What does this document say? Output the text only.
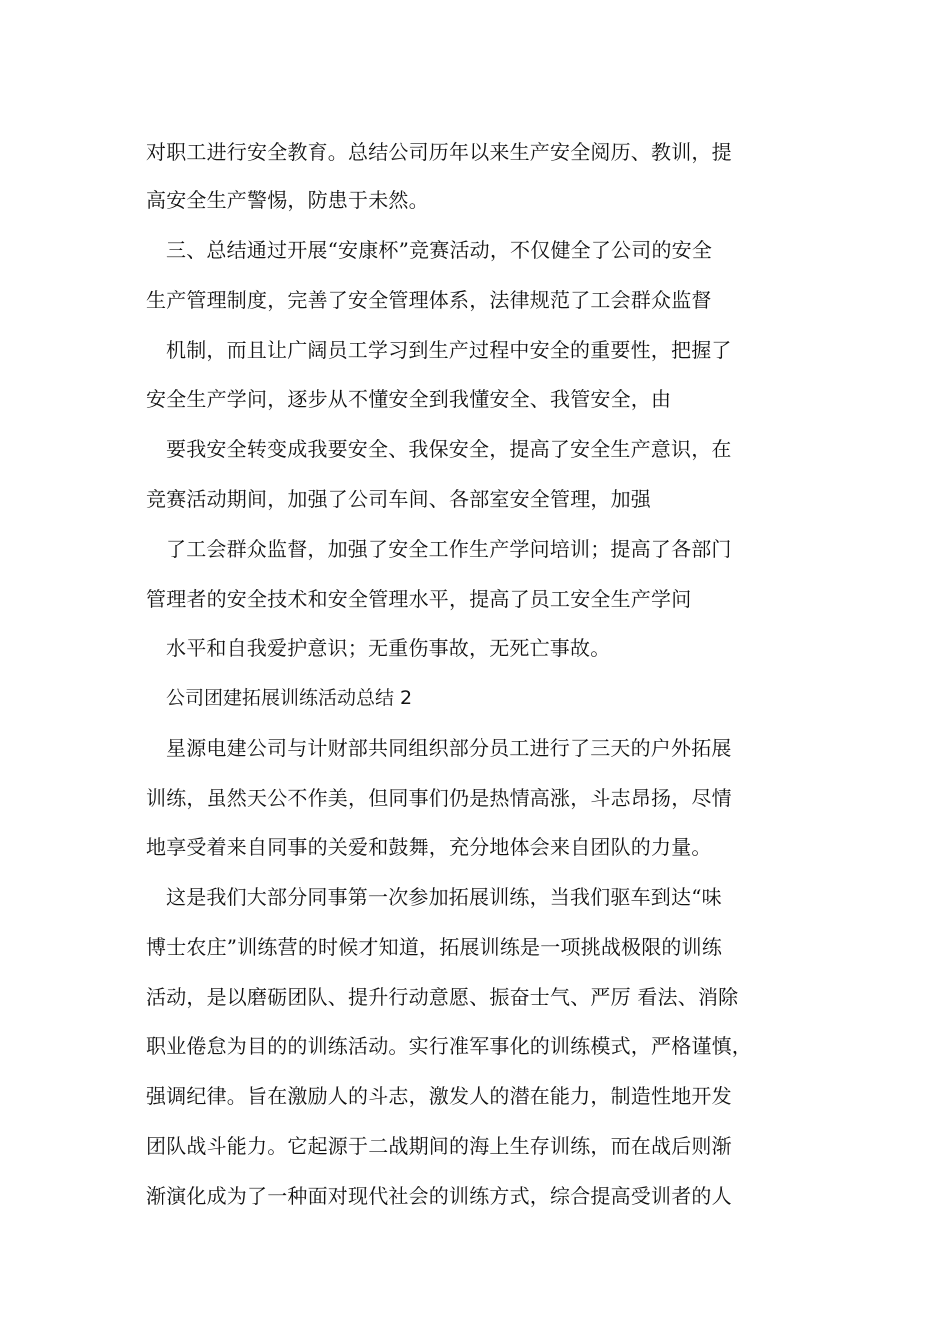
对职工进行安全教育。总结公司历年以来生产安全阅历、教训，提
高安全生产警惕，防患于未然。
三、总结通过开展“安康杯”竞赛活动，不仅健全了公司的安全
生产管理制度，完善了安全管理体系，法律规范了工会群众监督
机制，而且让广阔员工学习到生产过程中安全的重要性，把握了
安全生产学问，逐步从不懂安全到我懂安全、我管安全，由
要我安全转变成我要安全、我保安全，提高了安全生产意识，在
竞赛活动期间，加强了公司车间、各部室安全管理，加强
了工会群众监督，加强了安全工作生产学问培训；提高了各部门
管理者的安全技术和安全管理水平，提高了员工安全生产学问
水平和自我爱护意识；无重伤事故，无死亡事故。
公司团建拓展训练活动总结 2
星源电建公司与计财部共同组织部分员工进行了三天的户外拓展
训练，虽然天公不作美，但同事们仍是热情高涨，斗志昂扬，尽情
地享受着来自同事的关爱和鼓舞，充分地体会来自团队的力量。
这是我们大部分同事第一次参加拓展训练，当我们驱车到达“味
博士农庄”训练营的时候才知道，拓展训练是一项挑战极限的训练
活动，是以磨砺团队、提升行动意愿、振奋士气、严厉 看法、消除
职业倦怠为目的的训练活动。实行准军事化的训练模式，严格谨慎，
强调纪律。旨在激励人的斗志，激发人的潜在能力，制造性地开发
团队战斗能力。它起源于二战期间的海上生存训练，而在战后则渐
渐演化成为了一种面对现代社会的训练方式，综合提高受训者的人
